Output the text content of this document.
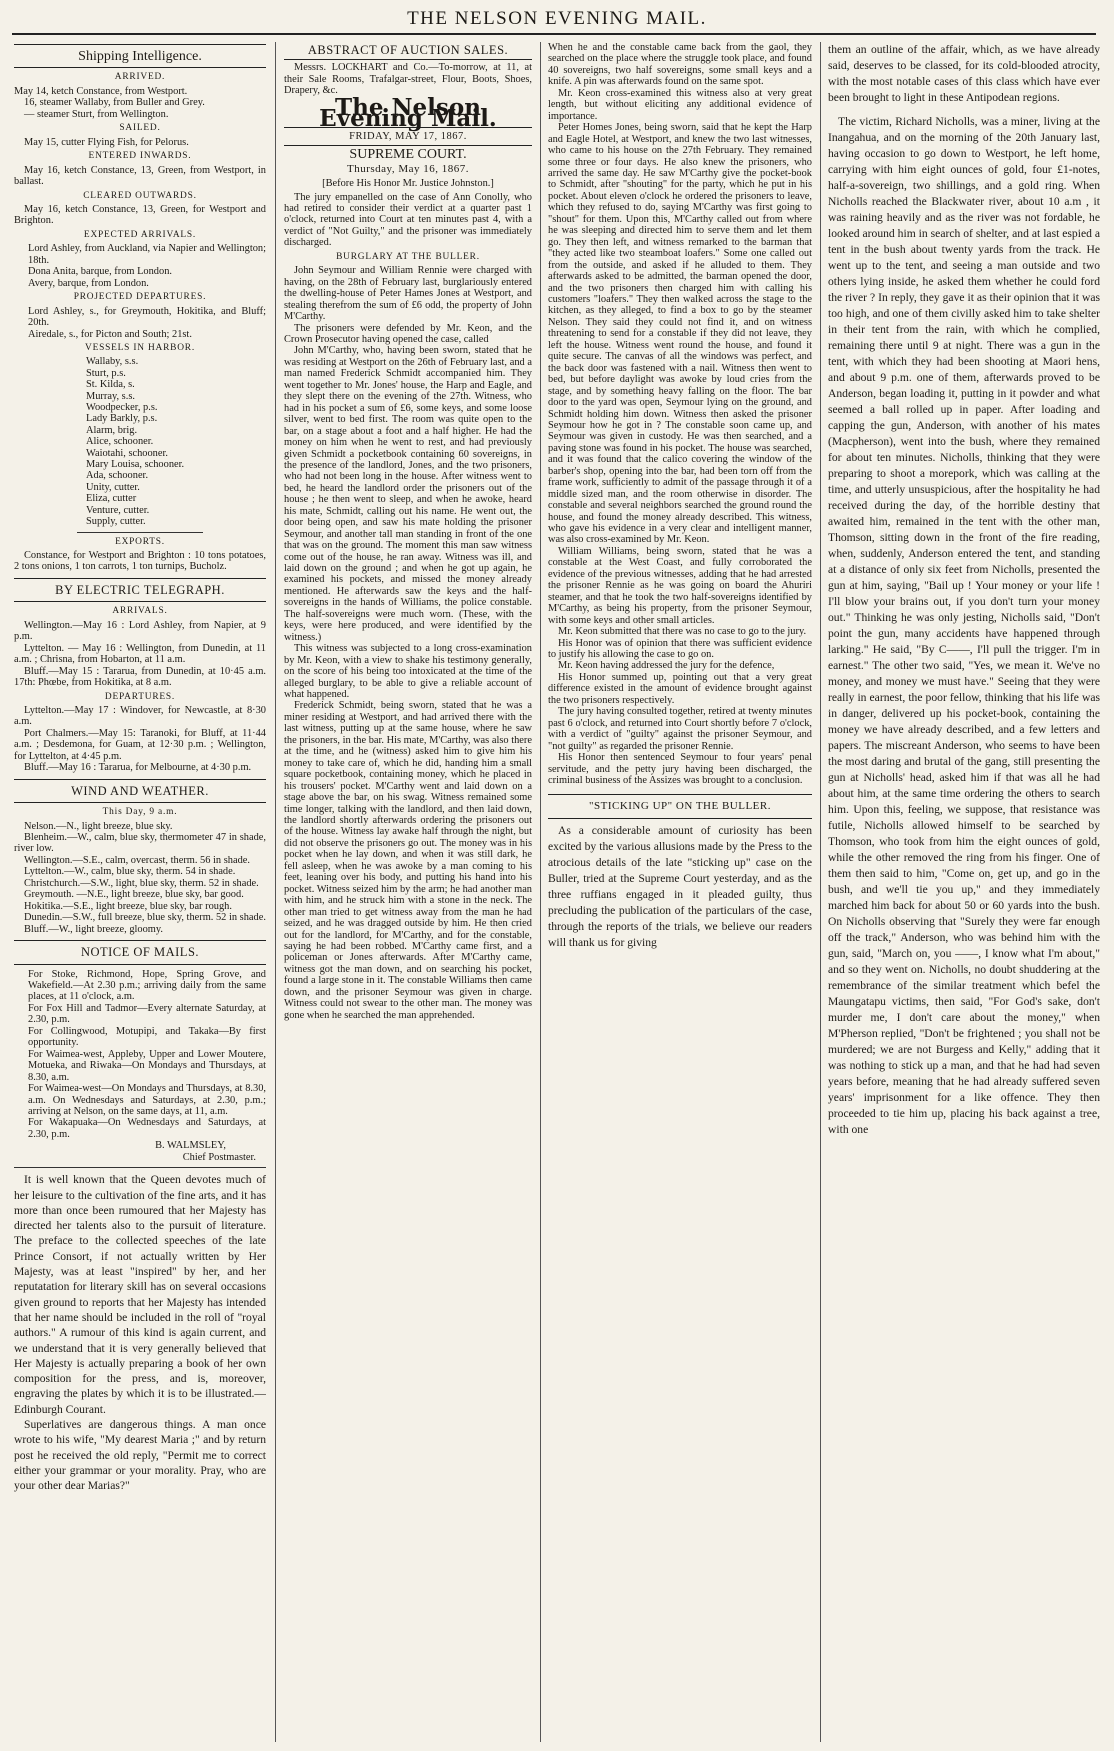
THE NELSON EVENING MAIL.
Shipping Intelligence.
ARRIVED.

May 14, ketch Constance, from Westport.

16, steamer Wallaby, from Buller and Grey.

— steamer Sturt, from Wellington.

SAILED.

May 15, cutter Flying Fish, for Pelorus.

ENTERED INWARDS.

May 16, ketch Constance, 13, Green, from Westport, in ballast.

CLEARED OUTWARDS.

May 16, ketch Constance, 13, Green, for Westport and Brighton.

EXPECTED ARRIVALS.

Lord Ashley, from Auckland, via Napier and Wellington; 18th.

Dona Anita, barque, from London.

Avery, barque, from London.

PROJECTED DEPARTURES.

Lord Ashley, s., for Greymouth, Hokitika, and Bluff; 20th.

Airedale, s., for Picton and South; 21st.

VESSELS IN HARBOR.
Wallaby, s.s.
Sturt, p.s.
St. Kilda, s.
Murray, s.s.
Woodpecker, p.s.
Lady Barkly, p.s.
Alarm, brig.
Alice, schooner.
Waiotahi, schooner.
Mary Louisa, schooner.
Ada, schooner.
Unity, cutter.
Eliza, cutter
Venture, cutter.
Supply, cutter.
EXPORTS.

Constance, for Westport and Brighton : 10 tons potatoes, 2 tons onions, 1 ton carrots, 1 ton turnips, Bucholz.

BY ELECTRIC TELEGRAPH.
ARRIVALS.

Wellington.—May 16 : Lord Ashley, from Napier, at 9 p.m.

Lyttelton. — May 16 : Wellington, from Dunedin, at 11 a.m. ; Chrisna, from Hobarton, at 11 a.m.

Bluff.—May 15 : Tararua, from Dunedin, at 10·45 a.m. 17th: Phœbe, from Hokitika, at 8 a.m.

DEPARTURES.

Lyttelton.—May 17 : Windover, for Newcastle, at 8·30 a.m.

Port Chalmers.—May 15: Taranoki, for Bluff, at 11·44 a.m. ; Desdemona, for Guam, at 12·30 p.m. ; Wellington, for Lyttelton, at 4·45 p.m.

Bluff.—May 16 : Tararua, for Melbourne, at 4·30 p.m.

WIND AND WEATHER.
This Day, 9 a.m.

Nelson.—N., light breeze, blue sky.

Blenheim.—W., calm, blue sky, thermometer 47 in shade, river low.

Wellington.—S.E., calm, overcast, therm. 56 in shade.

Lyttelton.—W., calm, blue sky, therm. 54 in shade.

Christchurch.—S.W., light, blue sky, therm. 52 in shade.

Greymouth. —N.E., light breeze, blue sky, bar good.

Hokitika.—S.E., light breeze, blue sky, bar rough.

Dunedin.—S.W., full breeze, blue sky, therm. 52 in shade.

Bluff.—W., light breeze, gloomy.

NOTICE OF MAILS.

For Stoke, Richmond, Hope, Spring Grove, and Wakefield.—At 2.30 p.m.; arriving daily from the same places, at 11 o'clock, a.m.

For Fox Hill and Tadmor—Every alternate Saturday, at 2.30, p.m.

For Collingwood, Motupipi, and Takaka—By first opportunity.

For Waimea-west, Appleby, Upper and Lower Moutere, Motueka, and Riwaka—On Mondays and Thursdays, at 8.30, a.m.

For Waimea-west—On Mondays and Thursdays, at 8.30, a.m. On Wednesdays and Saturdays, at 2.30, p.m.; arriving at Nelson, on the same days, at 11, a.m.

For Wakapuaka—On Wednesdays and Saturdays, at 2.30, p.m.

B. WALMSLEY,

Chief Postmaster.

It is well known that the Queen devotes much of her leisure to the cultivation of the fine arts, and it has more than once been rumoured that her Majesty has directed her talents also to the pursuit of literature. The preface to the collected speeches of the late Prince Consort, if not actually written by Her Majesty, was at least "inspired" by her, and her reputatation for literary skill has on several occasions given ground to reports that her Majesty has intended that her name should be included in the roll of "royal authors." A rumour of this kind is again current, and we understand that it is very generally believed that Her Majesty is actually preparing a book of her own composition for the press, and is, moreover, engraving the plates by which it is to be illustrated.—Edinburgh Courant.

Superlatives are dangerous things. A man once wrote to his wife, "My dearest Maria ;" and by return post he received the old reply, "Permit me to correct either your grammar or your morality. Pray, who are your other dear Marias?"

ABSTRACT OF AUCTION SALES.

Messrs. LOCKHART and Co.—To-morrow, at 11, at their Sale Rooms, Trafalgar-street, Flour, Boots, Shoes, Drapery, &c.

The Nelson Evening Mail.
FRIDAY, MAY 17, 1867.
SUPREME COURT.
Thursday, May 16, 1867.
[Before His Honor Mr. Justice Johnston.]

The jury empanelled on the case of Ann Conolly, who had retired to consider their verdict at a quarter past 1 o'clock, returned into Court at ten minutes past 4, with a verdict of "Not Guilty," and the prisoner was immediately discharged.

BURGLARY AT THE BULLER.

John Seymour and William Rennie were charged with having, on the 28th of February last, burglariously entered the dwelling-house of Peter Hames Jones at Westport, and stealing therefrom the sum of £6 odd, the property of John M'Carthy.

The prisoners were defended by Mr. Keon, and the Crown Prosecutor having opened the case, called

John M'Carthy, who, having been sworn, stated that he was residing at Westport on the 26th of February last, and a man named Frederick Schmidt accompanied him. They went together to Mr. Jones' house, the Harp and Eagle, and they slept there on the evening of the 27th. Witness, who had in his pocket a sum of £6, some keys, and some loose silver, went to bed first. The room was quite open to the bar, on a stage about a foot and a half higher. He had the money on him when he went to rest, and had previously given Schmidt a pocketbook containing 60 sovereigns, in the presence of the landlord, Jones, and the two prisoners, who had not been long in the house. After witness went to bed, he heard the landlord order the prisoners out of the house ; he then went to sleep, and when he awoke, heard his mate, Schmidt, calling out his name. He went out, the door being open, and saw his mate holding the prisoner Seymour, and another tall man standing in front of the one that was on the ground. The moment this man saw witness come out of the house, he ran away. Witness was ill, and laid down on the ground ; and when he got up again, he examined his pockets, and missed the money already mentioned. He afterwards saw the keys and the half-sovereigns in the hands of Williams, the police constable. The half-sovereigns were much worn. (These, with the keys, were here produced, and were identified by the witness.)

This witness was subjected to a long cross-examination by Mr. Keon, with a view to shake his testimony generally, on the score of his being too intoxicated at the time of the alleged burglary, to be able to give a reliable account of what happened.

Frederick Schmidt, being sworn, stated that he was a miner residing at Westport, and had arrived there with the last witness, putting up at the same house, where he saw the prisoners, in the bar. His mate, M'Carthy, was also there at the time, and he (witness) asked him to give him his money to take care of, which he did, handing him a small square pocketbook, containing money, which he placed in his trousers' pocket. M'Carthy went and laid down on a stage above the bar, on his swag. Witness remained some time longer, talking with the landlord, and then laid down, the landlord shortly afterwards ordering the prisoners out of the house. Witness lay awake half through the night, but did not observe the prisoners go out. The money was in his pocket when he lay down, and when it was still dark, he fell asleep, when he was awoke by a man coming to his feet, leaning over his body, and putting his hand into his pocket. Witness seized him by the arm; he had another man with him, and he struck him with a stone in the neck. The other man tried to get witness away from the man he had seized, and he was dragged outside by him. He then cried out for the landlord, for M'Carthy, and for the constable, saying he had been robbed. M'Carthy came first, and a policeman or Jones afterwards. After M'Carthy came, witness got the man down, and on searching his pocket, found a large stone in it. The constable Williams then came down, and the prisoner Seymour was given in charge. Witness could not swear to the other man. The money was gone when he searched the man apprehended.

When he and the constable came back from the gaol, they searched on the place where the struggle took place, and found 40 sovereigns, two half sovereigns, some small keys and a knife. A pin was afterwards found on the same spot.

Mr. Keon cross-examined this witness also at very great length, but without eliciting any additional evidence of importance.

Peter Homes Jones, being sworn, said that he kept the Harp and Eagle Hotel, at Westport, and knew the two last witnesses, who came to his house on the 27th February. They remained some three or four days. He also knew the prisoners, who arrived the same day. He saw M'Carthy give the pocket-book to Schmidt, after "shouting" for the party, which he put in his pocket. About eleven o'clock he ordered the prisoners to leave, which they refused to do, saying M'Carthy was first going to "shout" for them. Upon this, M'Carthy called out from where he was sleeping and directed him to serve them and let them go. They then left, and witness remarked to the barman that "they acted like two steamboat loafers." Some one called out from the outside, and asked if he alluded to them. They afterwards asked to be admitted, the barman opened the door, and the two prisoners then charged him with calling his customers "loafers." They then walked across the stage to the kitchen, as they alleged, to find a box to go by the steamer Nelson. They said they could not find it, and on witness threatening to send for a constable if they did not leave, they left the house. Witness went round the house, and found it quite secure. The canvas of all the windows was perfect, and the back door was fastened with a nail. Witness then went to bed, but before daylight was awoke by loud cries from the stage, and by something heavy falling on the floor. The bar door to the yard was open, Seymour lying on the ground, and Schmidt holding him down. Witness then asked the prisoner Seymour how he got in ? The constable soon came up, and Seymour was given in custody. He was then searched, and a paving stone was found in his pocket. The house was searched, and it was found that the calico covering the window of the barber's shop, opening into the bar, had been torn off from the frame work, sufficiently to admit of the passage through it of a middle sized man, and the room otherwise in disorder. The constable and several neighbors searched the ground round the house, and found the money already described. This witness, who gave his evidence in a very clear and intelligent manner, was also cross-examined by Mr. Keon.

William Williams, being sworn, stated that he was a constable at the West Coast, and fully corroborated the evidence of the previous witnesses, adding that he had arrested the prisoner Rennie as he was going on board the Ahuriri steamer, and that he took the two half-sovereigns identified by M'Carthy, as being his property, from the prisoner Seymour, with some keys and other small articles.

Mr. Keon submitted that there was no case to go to the jury.

His Honor was of opinion that there was sufficient evidence to justify his allowing the case to go on.

Mr. Keon having addressed the jury for the defence,

His Honor summed up, pointing out that a very great difference existed in the amount of evidence brought against the two prisoners respectively.

The jury having consulted together, retired at twenty minutes past 6 o'clock, and returned into Court shortly before 7 o'clock, with a verdict of "guilty" against the prisoner Seymour, and "not guilty" as regarded the prisoner Rennie.

His Honor then sentenced Seymour to four years' penal servitude, and the petty jury having been discharged, the criminal business of the Assizes was brought to a conclusion.

"STICKING UP" ON THE BULLER.

As a considerable amount of curiosity has been excited by the various allusions made by the Press to the atrocious details of the late "sticking up" case on the Buller, tried at the Supreme Court yesterday, and as the three ruffians engaged in it pleaded guilty, thus precluding the publication of the particulars of the case, through the reports of the trials, we believe our readers will thank us for giving

them an outline of the affair, which, as we have already said, deserves to be classed, for its cold-blooded atrocity, with the most notable cases of this class which have ever been brought to light in these Antipodean regions.

The victim, Richard Nicholls, was a miner, living at the Inangahua, and on the morning of the 20th January last, having occasion to go down to Westport, he left home, carrying with him eight ounces of gold, four £1-notes, half-a-sovereign, two shillings, and a gold ring. When Nicholls reached the Blackwater river, about 10 a.m , it was raining heavily and as the river was not fordable, he looked around him in search of shelter, and at last espied a tent in the bush about twenty yards from the track. He went up to the tent, and seeing a man outside and two others lying inside, he asked them whether he could ford the river ? In reply, they gave it as their opinion that it was too high, and one of them civilly asked him to take shelter in their tent from the rain, with which he complied, remaining there until 9 at night. There was a gun in the tent, with which they had been shooting at Maori hens, and about 9 p.m. one of them, afterwards proved to be Anderson, began loading it, putting in it powder and what seemed a ball rolled up in paper. After loading and capping the gun, Anderson, with another of his mates (Macpherson), went into the bush, where they remained for about ten minutes. Nicholls, thinking that they were preparing to shoot a morepork, which was calling at the time, and utterly unsuspicious, after the hospitality he had received during the day, of the horrible destiny that awaited him, remained in the tent with the other man, Thomson, sitting down in the front of the fire reading, when, suddenly, Anderson entered the tent, and standing at a distance of only six feet from Nicholls, presented the gun at him, saying, "Bail up ! Your money or your life ! I'll blow your brains out, if you don't turn your money out." Thinking he was only jesting, Nicholls said, "Don't point the gun, many accidents have happened through larking." He said, "By C——, I'll pull the trigger. I'm in earnest." The other two said, "Yes, we mean it. We've no money, and money we must have." Seeing that they were really in earnest, the poor fellow, thinking that his life was in danger, delivered up his pocket-book, containing the money we have already described, and a few letters and papers. The miscreant Anderson, who seems to have been the most daring and brutal of the gang, still presenting the gun at Nicholls' head, asked him if that was all he had about him, at the same time ordering the others to search him. Upon this, feeling, we suppose, that resistance was futile, Nicholls allowed himself to be searched by Thomson, who took from him the eight ounces of gold, while the other removed the ring from his finger. One of them then said to him, "Come on, get up, and go in the bush, and we'll tie you up," and they immediately marched him back for about 50 or 60 yards into the bush. On Nicholls observing that "Surely they were far enough off the track," Anderson, who was behind him with the gun, said, "March on, you ——, I know what I'm about," and so they went on. Nicholls, no doubt shuddering at the remembrance of the similar treatment which befel the Maungatapu victims, then said, "For God's sake, don't murder me, I don't care about the money," when M'Pherson replied, "Don't be frightened ; you shall not be murdered; we are not Burgess and Kelly," adding that it was nothing to stick up a man, and that he had had seven years before, meaning that he had already suffered seven years' imprisonment for a like offence. They then proceeded to tie him up, placing his back against a tree, with one
